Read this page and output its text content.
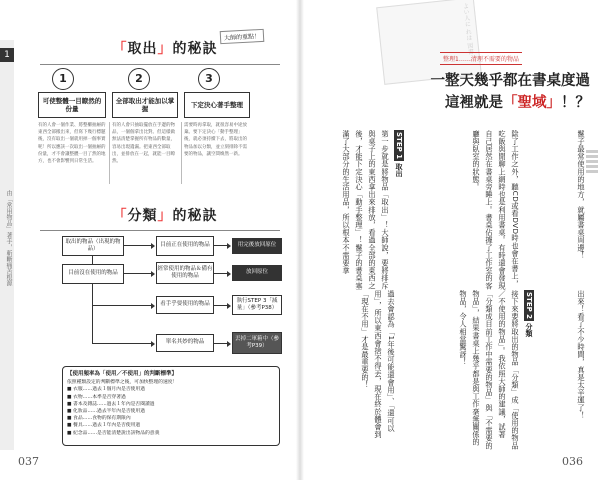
1
由「常用物品」著手，斬斷痛苦根源
大師的重點！
「取出」的秘訣
1	2	3
可使整體一目瞭然的份量
全部取出才能加以掌握
下定決心著手整理
有的人會一個作業、將整櫃抽屜的東西全部搬出來，但寫下幾行標題後，沒有取出一個就用掉一個事實呢！所以應該一次取出一個抽屜的份量，才不會讓整體一目了然的地方，也不會影響到日常生活。
有的人會只抽取擺放在手邊的物品，一個個拿出比對。但這樣做無法清楚掌握所有物品的數量，容易出現遺漏。把東西全部取出，並排放在一起，就能一目瞭然。
需要時再拿取，就很容易中途放棄。要下定決心「動手整理」後，就必須持續下去，將取出的物品加以分類，並立刻排除不需要的物品，讓空間煥然一新。
「分類」的秘訣
取出的物品（出現的物品）
目前正在使用的物品	用完後放回原位
目前沒在使用的物品
經常使用的物品＆備有使用的物品
放回原位
看手乎要使用的物品
執行STEP 3「減量」（參考P38）
單名其妙的物品
丟掉二軍箱中（參考P39）
【使用頻率為「使用／不使用」的判斷標準】
依照種類設定的判斷標準之後，可加快整理的速度！
■ 衣服……過去１個月內是否使用過
■ 衣物……本季是否穿著過
■ 書本及雜誌……過去１年內是否閱讀過
■ 化妝品……過去半年內是否使用過
■ 食品……食物的保有期限內
■ 餐具……過去１年內是否使用過
■ 紀念品……是否能清楚說出該物品的意義
037
よい人に れは 図書
整理1……清理不需要的物品
一整天幾乎都在書桌度過
這裡就是「聖域」！？
鬣子最常使用的地方，就屬書桌周邊！
除了工作之外，聽CD或看DVD時也會在書上，吃飯與閒聊上網時也是利用書桌。有時還會發現自己居然在書桌旁睡上。書桌佔據了工作室的客廳與臥室的狀態。
STEP 1取出
第一步就是將物品「取出」！大師說，要將排斥與桌子上的東西拿出來排放，看過全部的東西之後，才能下定決心「動手整理」！鬣子的書桌塞滿了大部分的生活用品，所以根本不需要拿
出來！看了不少時間，真是太辛運了！
STEP 2分類
接下來要將取出的物品「分類」成「使用的物品／不使用的物品」。我依照大師的建議，試著「分類成目前工作中需要的物品」與「不需要的物品」，結果書桌上幾乎都是與工作毫無關係的物品，令人相當驚訝！
過去會認為「1年後可能還會用」、「還可以用」，所以東西會捨不得丟，現在終於體會到「現在不用」才是最重要的！
036
